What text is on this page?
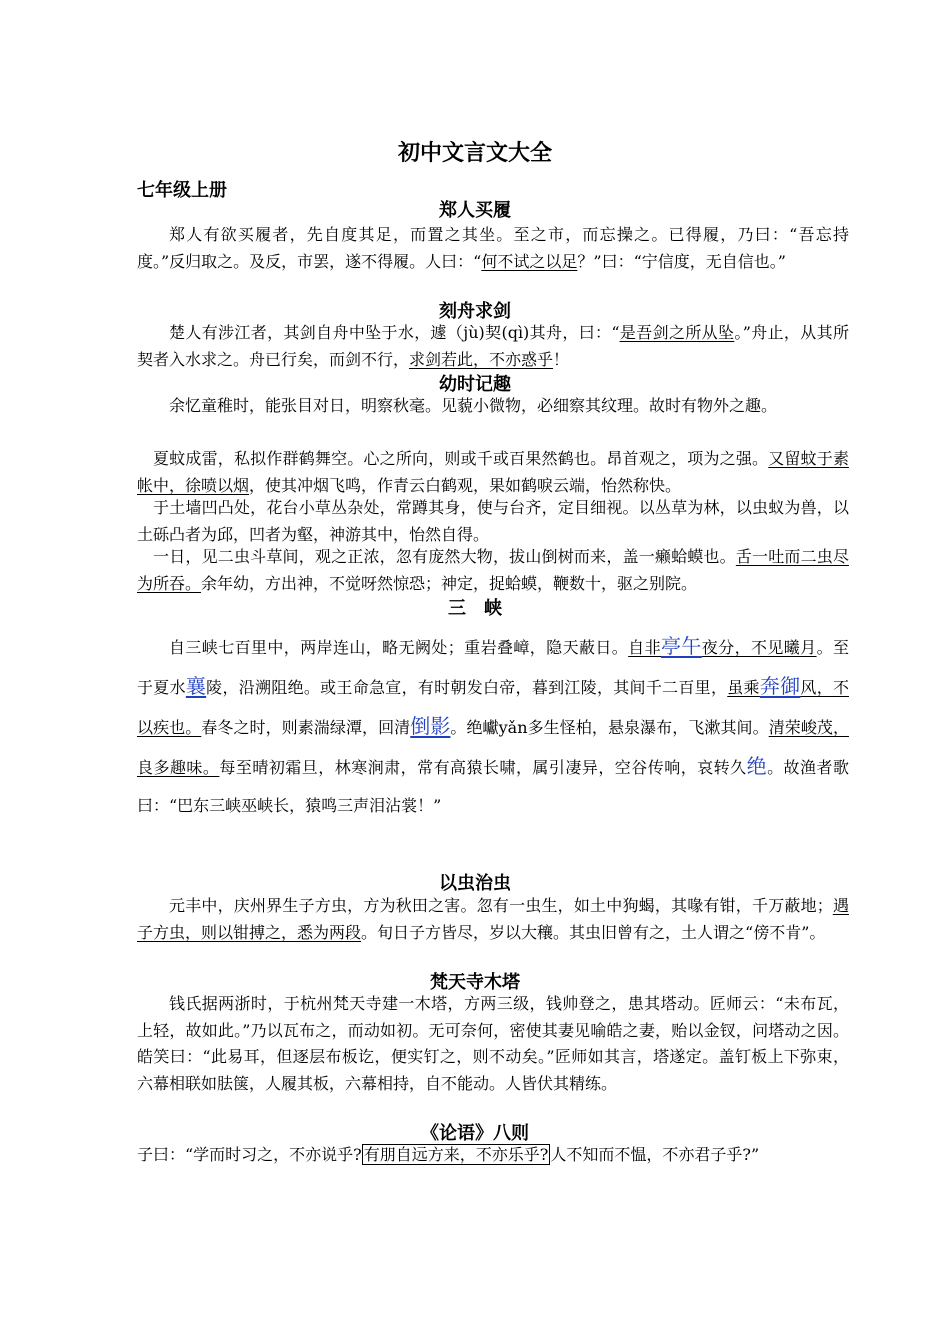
初中文言文大全
七年级上册
郑人买履

郑人有欲买履者，先自度其足，而置之其坐。至之市，而忘操之。已得履，乃曰：“吾忘持度。”反归取之。及反，市罢，遂不得履。人曰：“何不试之以足？”曰：“宁信度，无自信也。”

刻舟求剑

楚人有涉江者，其剑自舟中坠于水，遽（jù)契(qì)其舟，曰：“是吾剑之所从坠。”舟止，从其所契者入水求之。舟已行矣，而剑不行，求剑若此，不亦惑乎！

幼时记趣

余忆童稚时，能张目对日，明察秋毫。见藐小微物，必细察其纹理。故时有物外之趣。

夏蚊成雷，私拟作群鹤舞空。心之所向，则或千或百果然鹤也。昂首观之，项为之强。又留蚊于素帐中，徐喷以烟，使其冲烟飞鸣，作青云白鹤观，果如鹤唳云端，怡然称快。

于土墙凹凸处，花台小草丛杂处，常蹲其身，使与台齐，定目细视。以丛草为林，以虫蚁为兽，以土砾凸者为邱，凹者为壑，神游其中，怡然自得。

一日，见二虫斗草间，观之正浓，忽有庞然大物，拔山倒树而来，盖一癞蛤蟆也。舌一吐而二虫尽为所吞。余年幼，方出神，不觉呀然惊恐；神定，捉蛤蟆，鞭数十，驱之别院。

三　峡

自三峡七百里中，两岸连山，略无阙处；重岩叠嶂，隐天蔽日。自非亭午夜分，不见曦月。至于夏水襄陵，沿溯阻绝。或王命急宣，有时朝发白帝，暮到江陵，其间千二百里，虽乘奔御风，不以疾也。春冬之时，则素湍绿潭，回清倒影。绝巘yǎn多生怪柏，悬泉瀑布，飞漱其间。清荣峻茂，良多趣味。每至晴初霜旦，林寒涧肃，常有高猿长啸，属引凄异，空谷传响，哀转久绝。故渔者歌曰：“巴东三峡巫峡长，猿鸣三声泪沾裳！”

以虫治虫

元丰中，庆州界生子方虫，方为秋田之害。忽有一虫生，如土中狗蝎，其喙有钳，千万蔽地；遇子方虫，则以钳搏之，悉为两段。旬日子方皆尽，岁以大穰。其虫旧曾有之，土人谓之“傍不肯”。

梵天寺木塔

钱氏据两浙时，于杭州梵天寺建一木塔，方两三级，钱帅登之，患其塔动。匠师云：“未布瓦，上轻，故如此。”乃以瓦布之，而动如初。无可奈何，密使其妻见喻皓之妻，贻以金钗，问塔动之因。皓笑曰：“此易耳，但逐层布板讫，便实钉之，则不动矣。”匠师如其言，塔遂定。盖钉板上下弥束，六幕相联如胠箧，人履其板，六幕相持，自不能动。人皆伏其精练。

《论语》八则

子曰：“学而时习之，不亦说乎? 有朋自远方来，不亦乐乎? 人不知而不愠，不亦君子乎?”
